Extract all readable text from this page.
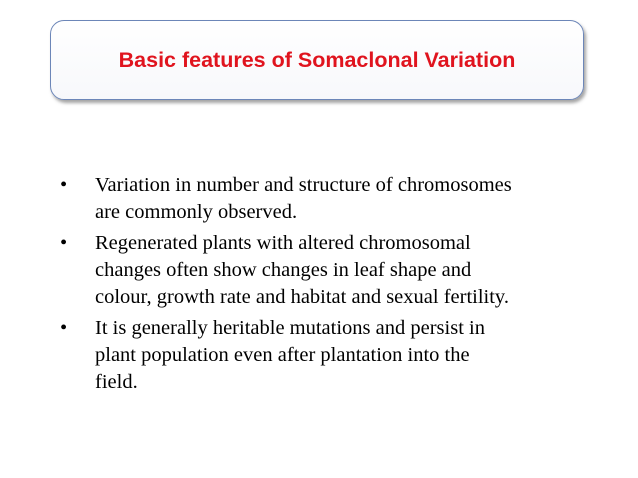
Basic features of Somaclonal Variation
• Variation in number and structure of chromosomes
are commonly observed.
• Regenerated plants with altered chromosomal
changes often show changes in leaf shape and
colour, growth rate and habitat and sexual fertility.
• It is generally heritable mutations and persist in
plant population even after plantation into the
field.
